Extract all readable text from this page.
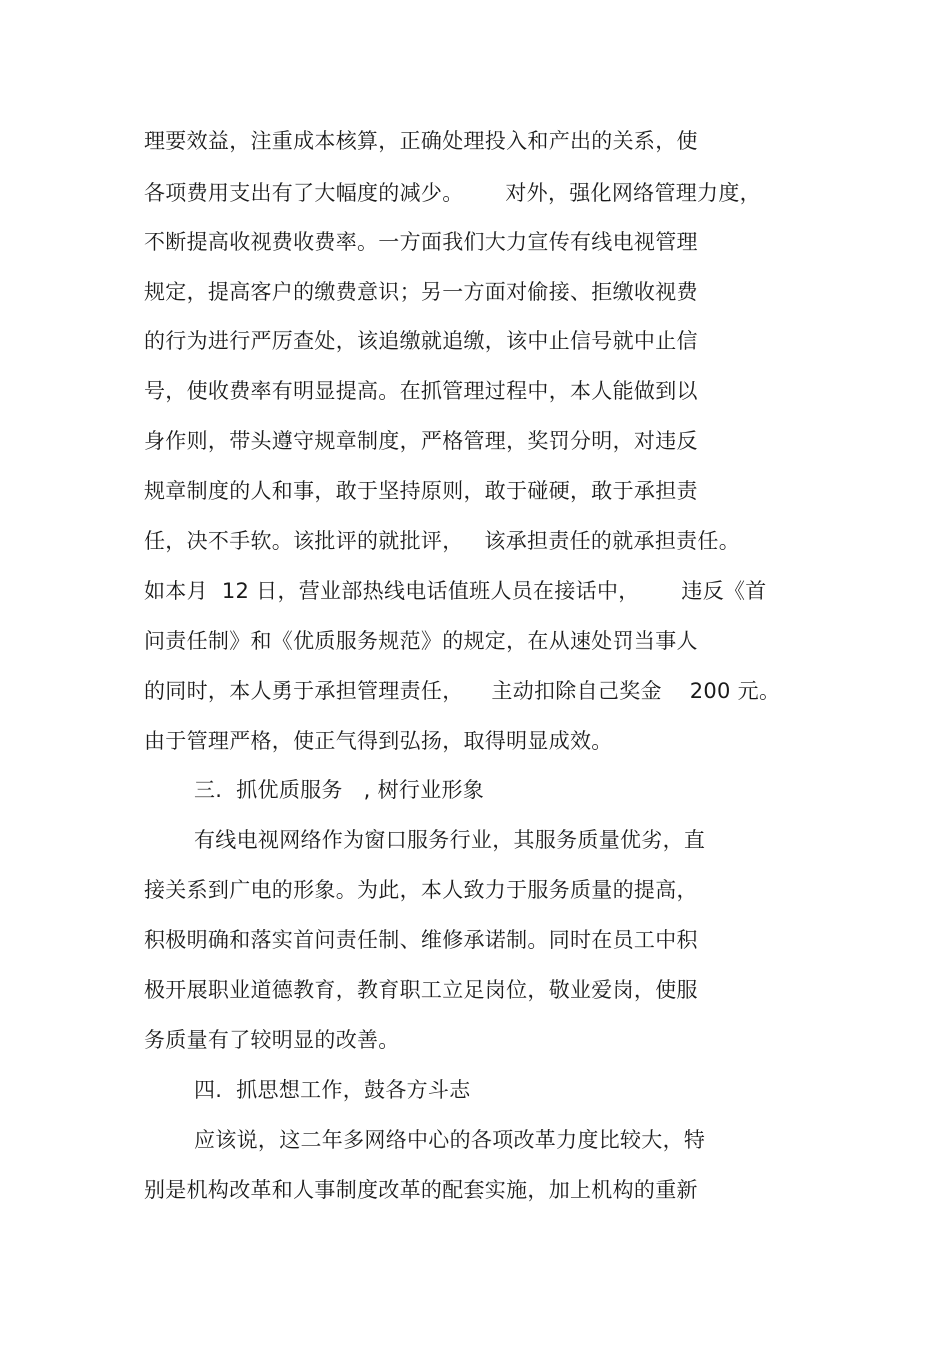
理要效益，注重成本核算，正确处理投入和产出的关系，使
各项费用支出有了大幅度的减少。      对外，强化网络管理力度，
不断提高收视费收费率。一方面我们大力宣传有线电视管理
规定，提高客户的缴费意识；另一方面对偷接、拒缴收视费
的行为进行严厉查处，该追缴就追缴，该中止信号就中止信
号，使收费率有明显提高。在抓管理过程中，本人能做到以
身作则，带头遵守规章制度，严格管理，奖罚分明，对违反
规章制度的人和事，敢于坚持原则，敢于碰硬，敢于承担责
任，决不手软。该批评的就批评，   该承担责任的就承担责任。
如本月  12 日，营业部热线电话值班人员在接话中，      违反《首
问责任制》和《优质服务规范》的规定，在从速处罚当事人
的同时，本人勇于承担管理责任，    主动扣除自己奖金    200 元。
由于管理严格，使正气得到弘扬，取得明显成效。
三.  抓优质服务   , 树行业形象
有线电视网络作为窗口服务行业，其服务质量优劣，直
接关系到广电的形象。为此，本人致力于服务质量的提高，
积极明确和落实首问责任制、维修承诺制。同时在员工中积
极开展职业道德教育，教育职工立足岗位，敬业爱岗，使服
务质量有了较明显的改善。
四.  抓思想工作，鼓各方斗志
应该说，这二年多网络中心的各项改革力度比较大，特
别是机构改革和人事制度改革的配套实施，加上机构的重新
